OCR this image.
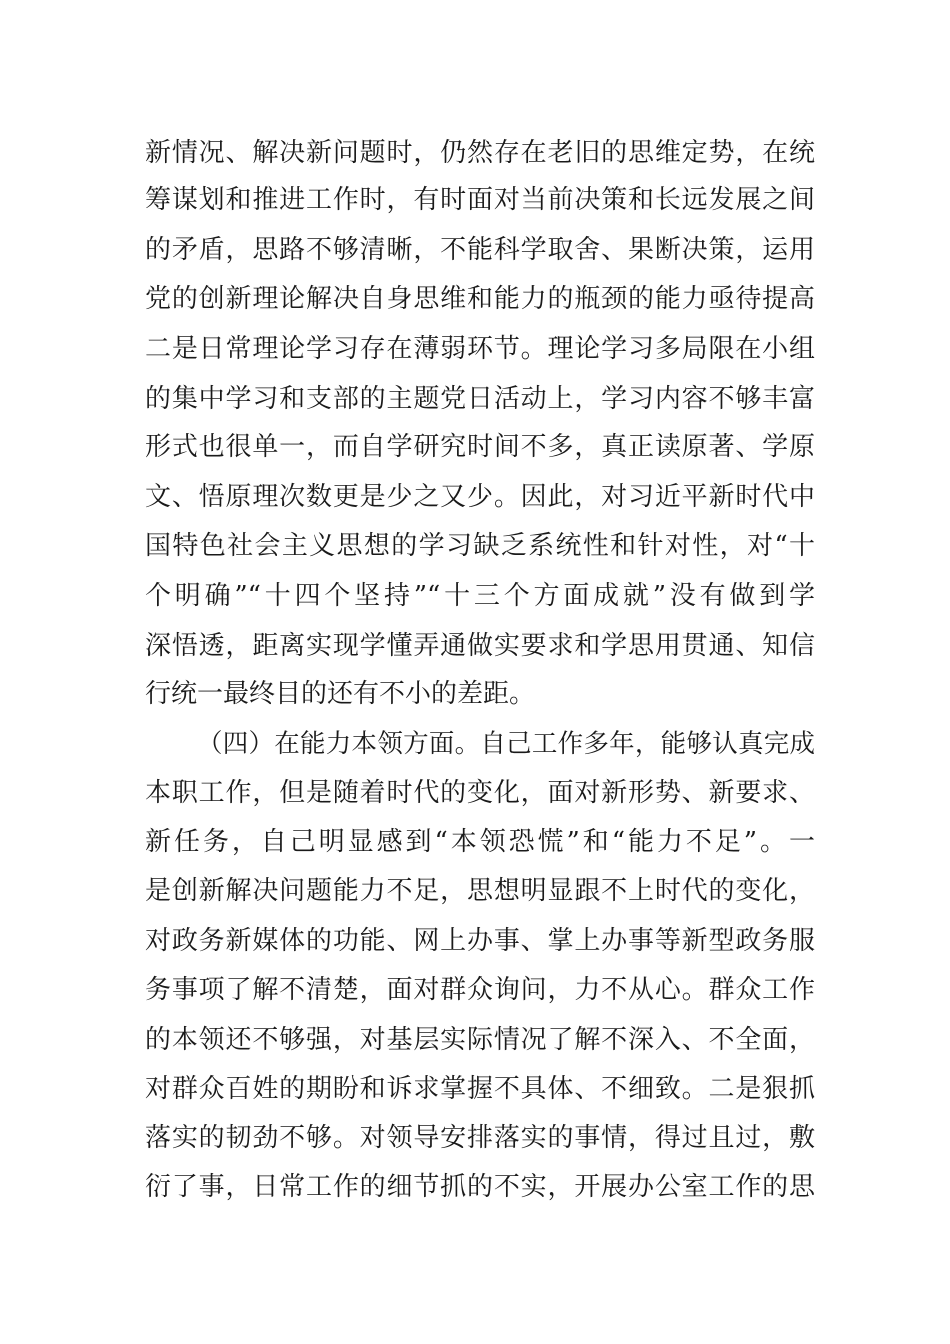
新情况、解决新问题时，仍然存在老旧的思维定势，在统
筹谋划和推进工作时，有时面对当前决策和长远发展之间
的矛盾，思路不够清晰，不能科学取舍、果断决策，运用
党的创新理论解决自身思维和能力的瓶颈的能力亟待提高
二是日常理论学习存在薄弱环节。理论学习多局限在小组
的集中学习和支部的主题党日活动上，学习内容不够丰富
形式也很单一，而自学研究时间不多，真正读原著、学原
文、悟原理次数更是少之又少。因此，对习近平新时代中
国特色社会主义思想的学习缺乏系统性和针对性，对“十
个明确”“十四个坚持”“十三个方面成就”没有做到学
深悟透，距离实现学懂弄通做实要求和学思用贯通、知信
行统一最终目的还有不小的差距。
（四）在能力本领方面。自己工作多年，能够认真完成
本职工作，但是随着时代的变化，面对新形势、新要求、
新任务，自己明显感到“本领恐慌”和“能力不足”。一
是创新解决问题能力不足，思想明显跟不上时代的变化，
对政务新媒体的功能、网上办事、掌上办事等新型政务服
务事项了解不清楚，面对群众询问，力不从心。群众工作
的本领还不够强，对基层实际情况了解不深入、不全面，
对群众百姓的期盼和诉求掌握不具体、不细致。二是狠抓
落实的韧劲不够。对领导安排落实的事情，得过且过，敷
衍了事，日常工作的细节抓的不实，开展办公室工作的思
